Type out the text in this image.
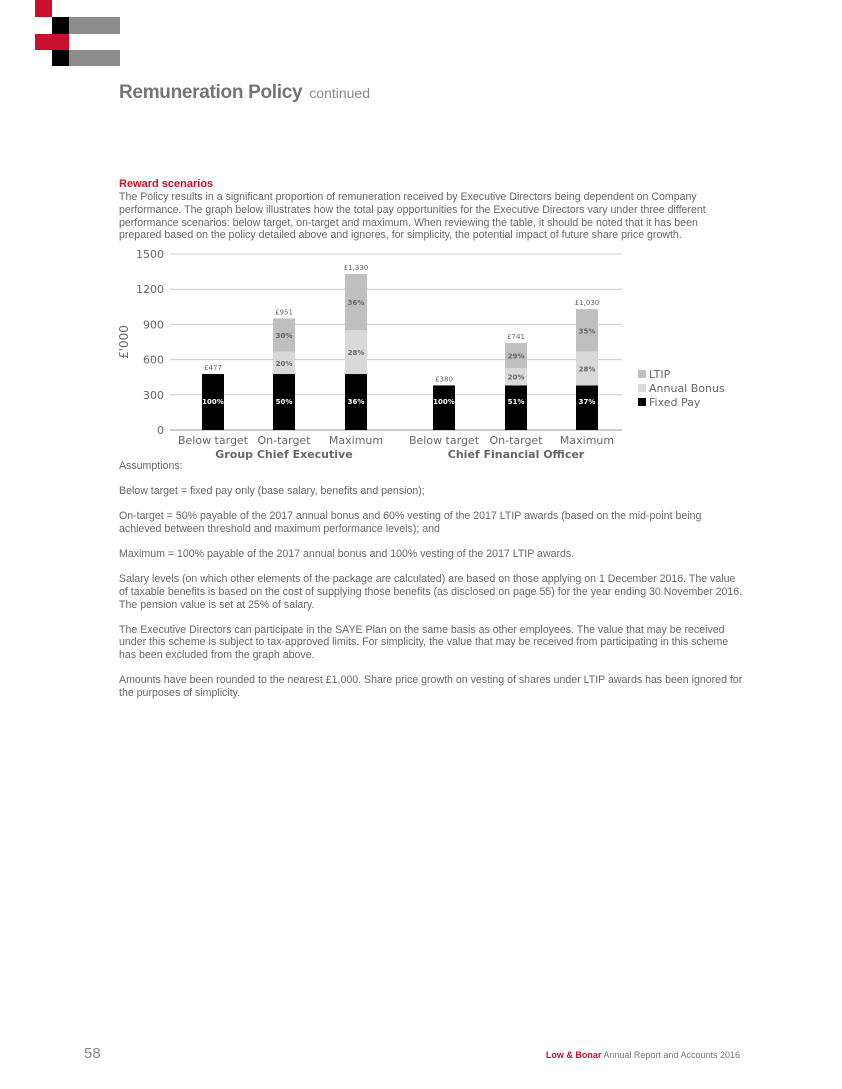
Remuneration Policy continued
Reward scenarios

The Policy results in a significant proportion of remuneration received by Executive Directors being dependent on Company performance. The graph below illustrates how the total pay opportunities for the Executive Directors vary under three different performance scenarios: below target, on-target and maximum. When reviewing the table, it should be noted that it has been prepared based on the policy detailed above and ignores, for simplicity, the potential impact of future share price growth.

0
300
600
900
1200
1500
£'000
100%
£477
Below target
50%
20%
30%
£951
On-target
36%
28%
36%
£1,330
Maximum
100%
£380
Below target
51%
20%
29%
£741
On-target
37%
28%
35%
£1,030
Maximum
Group Chief Executive	Chief Financial Officer
LTIP
Annual Bonus
Fixed Pay

Assumptions:

Below target = fixed pay only (base salary, benefits and pension);

On-target = 50% payable of the 2017 annual bonus and 60% vesting of the 2017 LTIP awards (based on the mid-point being achieved between threshold and maximum performance levels); and

Maximum = 100% payable of the 2017 annual bonus and 100% vesting of the 2017 LTIP awards.

Salary levels (on which other elements of the package are calculated) are based on those applying on 1 December 2016. The value of taxable benefits is based on the cost of supplying those benefits (as disclosed on page 55) for the year ending 30 November 2016. The pension value is set at 25% of salary.

The Executive Directors can participate in the SAYE Plan on the same basis as other employees. The value that may be received under this scheme is subject to tax-approved limits. For simplicity, the value that may be received from participating in this scheme has been excluded from the graph above.

Amounts have been rounded to the nearest £1,000. Share price growth on vesting of shares under LTIP awards has been ignored for the purposes of simplicity.

58	Low & Bonar Annual Report and Accounts 2016
